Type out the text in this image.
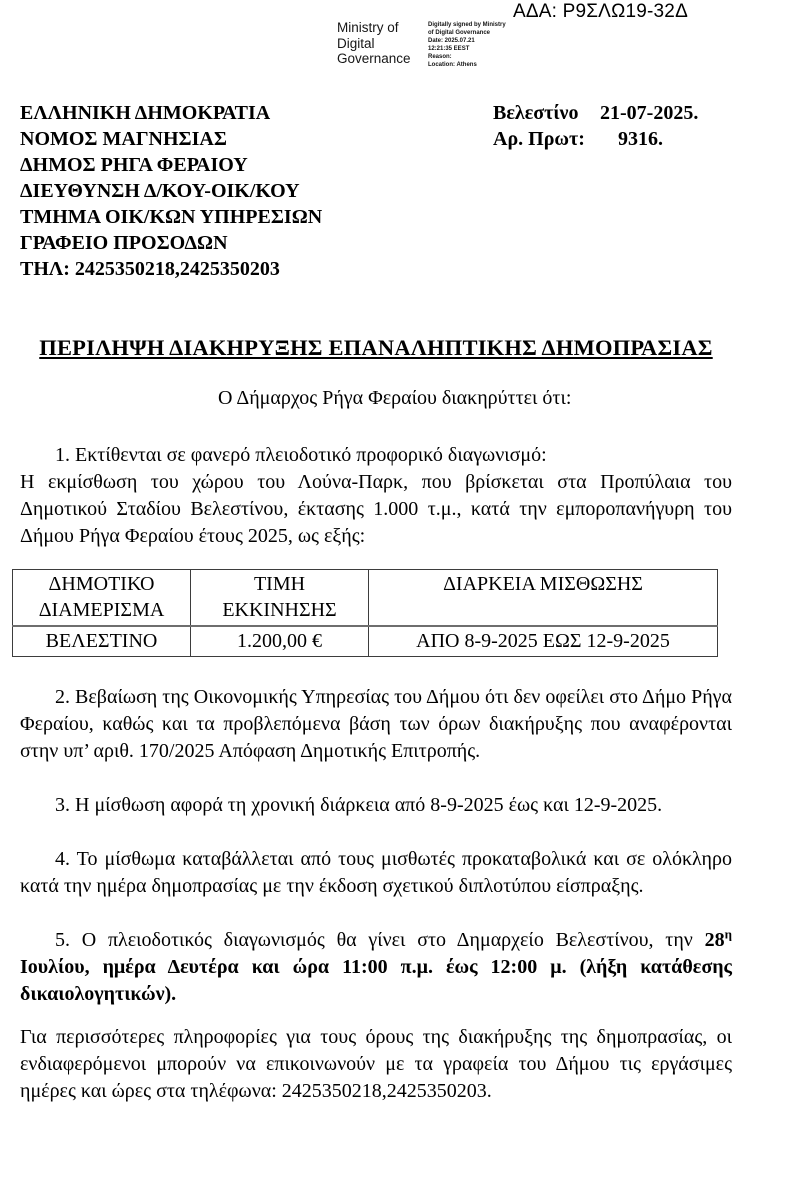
ΑΔΑ: Ρ9ΣΛΩ19-32Δ
Ministry of
Digital
Governance
Digitally signed by Ministry
of Digital Governance
Date: 2025.07.21
12:21:35 EEST
Reason:
Location: Athens
ΕΛΛΗΝΙΚΗ ΔΗΜΟΚΡΑΤΙΑ
ΝΟΜΟΣ ΜΑΓΝΗΣΙΑΣ
ΔΗΜΟΣ ΡΗΓΑ ΦΕΡΑΙΟΥ
ΔΙΕΥΘΥΝΣΗ Δ/ΚΟΥ-ΟΙΚ/ΚΟΥ
ΤΜΗΜΑ ΟΙΚ/ΚΩΝ ΥΠΗΡΕΣΙΩΝ
ΓΡΑΦΕΙΟ ΠΡΟΣΟΔΩΝ
ΤΗΛ: 2425350218,2425350203
Βελεστίνο	21-07-2025.
Αρ. Πρωτ:	9316.
ΠΕΡΙΛΗΨΗ ΔΙΑΚΗΡΥΞΗΣ ΕΠΑΝΑΛΗΠΤΙΚΗΣ ΔΗΜΟΠΡΑΣΙΑΣ
Ο Δήμαρχος Ρήγα Φεραίου διακηρύττει ότι:
1. Εκτίθενται σε φανερό πλειοδοτικό προφορικό διαγωνισμό:
Η εκμίσθωση του χώρου του Λούνα-Παρκ, που βρίσκεται στα Προπύλαια του Δημοτικού Σταδίου Βελεστίνου, έκτασης 1.000 τ.μ., κατά την εμποροπανήγυρη του Δήμου Ρήγα Φεραίου έτους 2025, ως εξής:
ΔΗΜΟΤΙΚΟ ΔΙΑΜΕΡΙΣΜΑ	ΤΙΜΗ ΕΚΚΙΝΗΣΗΣ	ΔΙΑΡΚΕΙΑ ΜΙΣΘΩΣΗΣ
ΒΕΛΕΣΤΙΝΟ	1.200,00 €	ΑΠΟ 8-9-2025 ΕΩΣ 12-9-2025
2. Βεβαίωση της Οικονομικής Υπηρεσίας του Δήμου ότι δεν οφείλει στο Δήμο Ρήγα Φεραίου, καθώς και τα προβλεπόμενα βάση των όρων διακήρυξης που αναφέρονται στην υπ’ αριθ. 170/2025 Απόφαση Δημοτικής Επιτροπής.
3. Η μίσθωση αφορά τη χρονική διάρκεια από 8-9-2025 έως και 12-9-2025.
4. Το μίσθωμα καταβάλλεται από τους μισθωτές προκαταβολικά και σε ολόκληρο κατά την ημέρα δημοπρασίας με την έκδοση σχετικού διπλοτύπου είσπραξης.
5. Ο πλειοδοτικός διαγωνισμός θα γίνει στο Δημαρχείο Βελεστίνου, την $28^\eta$ Ιουλίου, ημέρα Δευτέρα και ώρα 11:00 π.μ. έως 12:00 μ. (λήξη κατάθεσης δικαιολογητικών).
Για περισσότερες πληροφορίες για τους όρους της διακήρυξης της δημοπρασίας, οι ενδιαφερόμενοι μπορούν να επικοινωνούν με τα γραφεία του Δήμου τις εργάσιμες ημέρες και ώρες στα τηλέφωνα: 2425350218,2425350203.
